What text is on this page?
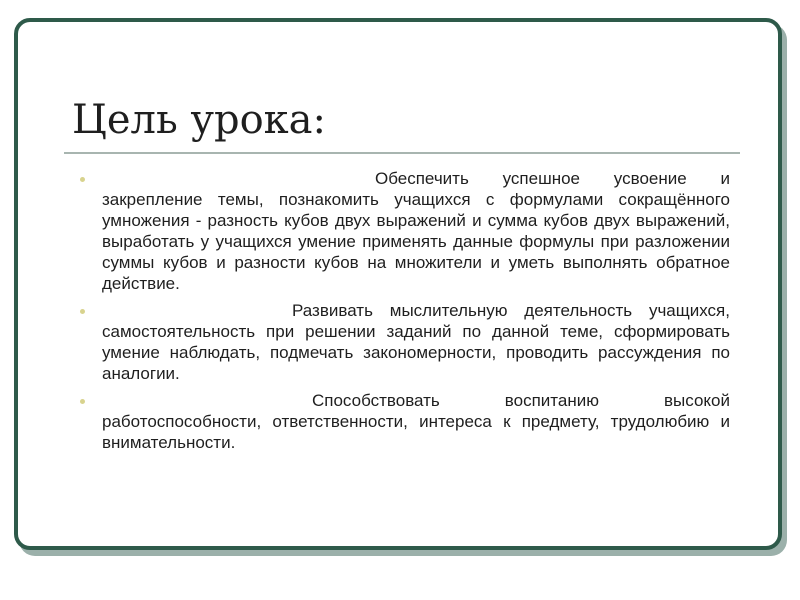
Цель урока:
Обеспечить успешное усвоение и закрепление темы, познакомить учащихся с формулами сокращённого умножения - разность кубов двух выражений и сумма кубов двух выражений, выработать у учащихся умение применять данные формулы при разложении суммы кубов и разности кубов на множители и уметь выполнять обратное действие.
Развивать мыслительную деятельность учащихся, самостоятельность при решении заданий по данной теме, сформировать умение наблюдать, подмечать закономерности, проводить рассуждения по аналогии.
Способствовать воспитанию высокой работоспособности, ответственности, интереса к предмету, трудолюбию и внимательности.
